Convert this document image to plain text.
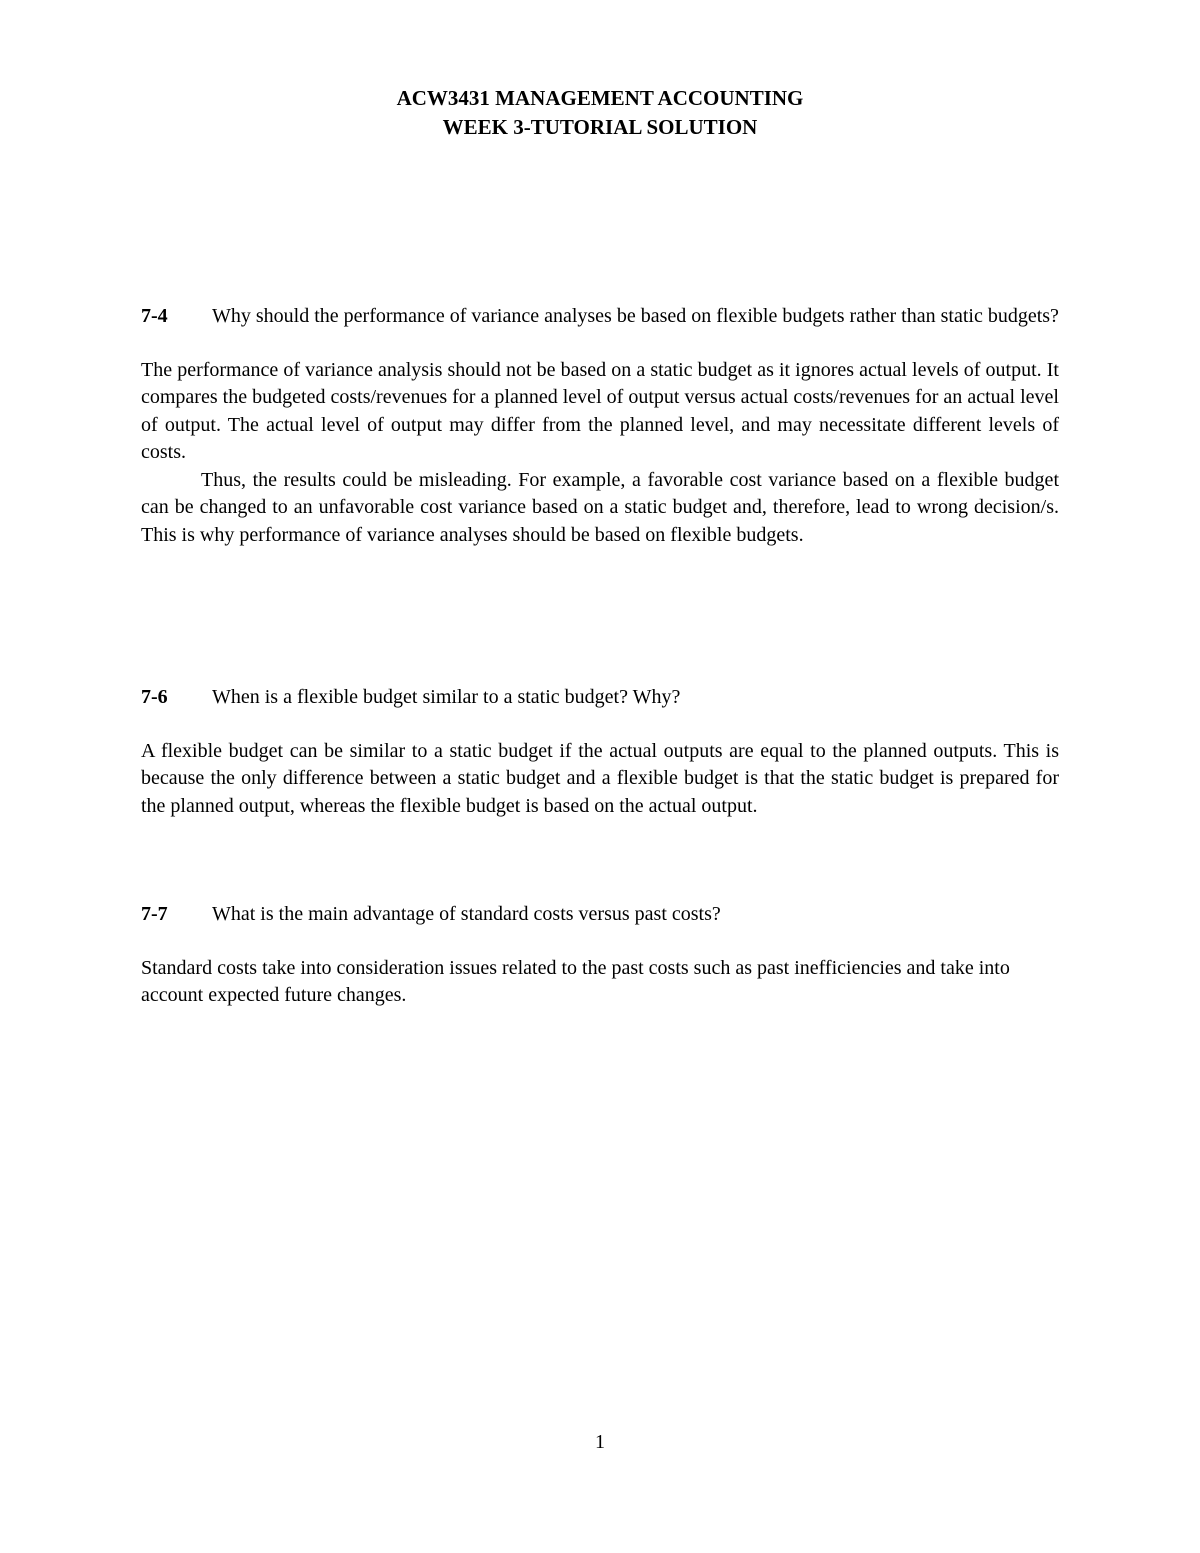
ACW3431 MANAGEMENT ACCOUNTING
WEEK 3-TUTORIAL SOLUTION

7-4 Why should the performance of variance analyses be based on flexible budgets rather than static budgets?

The performance of variance analysis should not be based on a static budget as it ignores actual levels of output. It compares the budgeted costs/revenues for a planned level of output versus actual costs/revenues for an actual level of output. The actual level of output may differ from the planned level, and may necessitate different levels of costs.

Thus, the results could be misleading. For example, a favorable cost variance based on a flexible budget can be changed to an unfavorable cost variance based on a static budget and, therefore, lead to wrong decision/s. This is why performance of variance analyses should be based on flexible budgets.

7-6 When is a flexible budget similar to a static budget? Why?

A flexible budget can be similar to a static budget if the actual outputs are equal to the planned outputs. This is because the only difference between a static budget and a flexible budget is that the static budget is prepared for the planned output, whereas the flexible budget is based on the actual output.

7-7 What is the main advantage of standard costs versus past costs?

Standard costs take into consideration issues related to the past costs such as past inefficiencies and take into account expected future changes.

1
